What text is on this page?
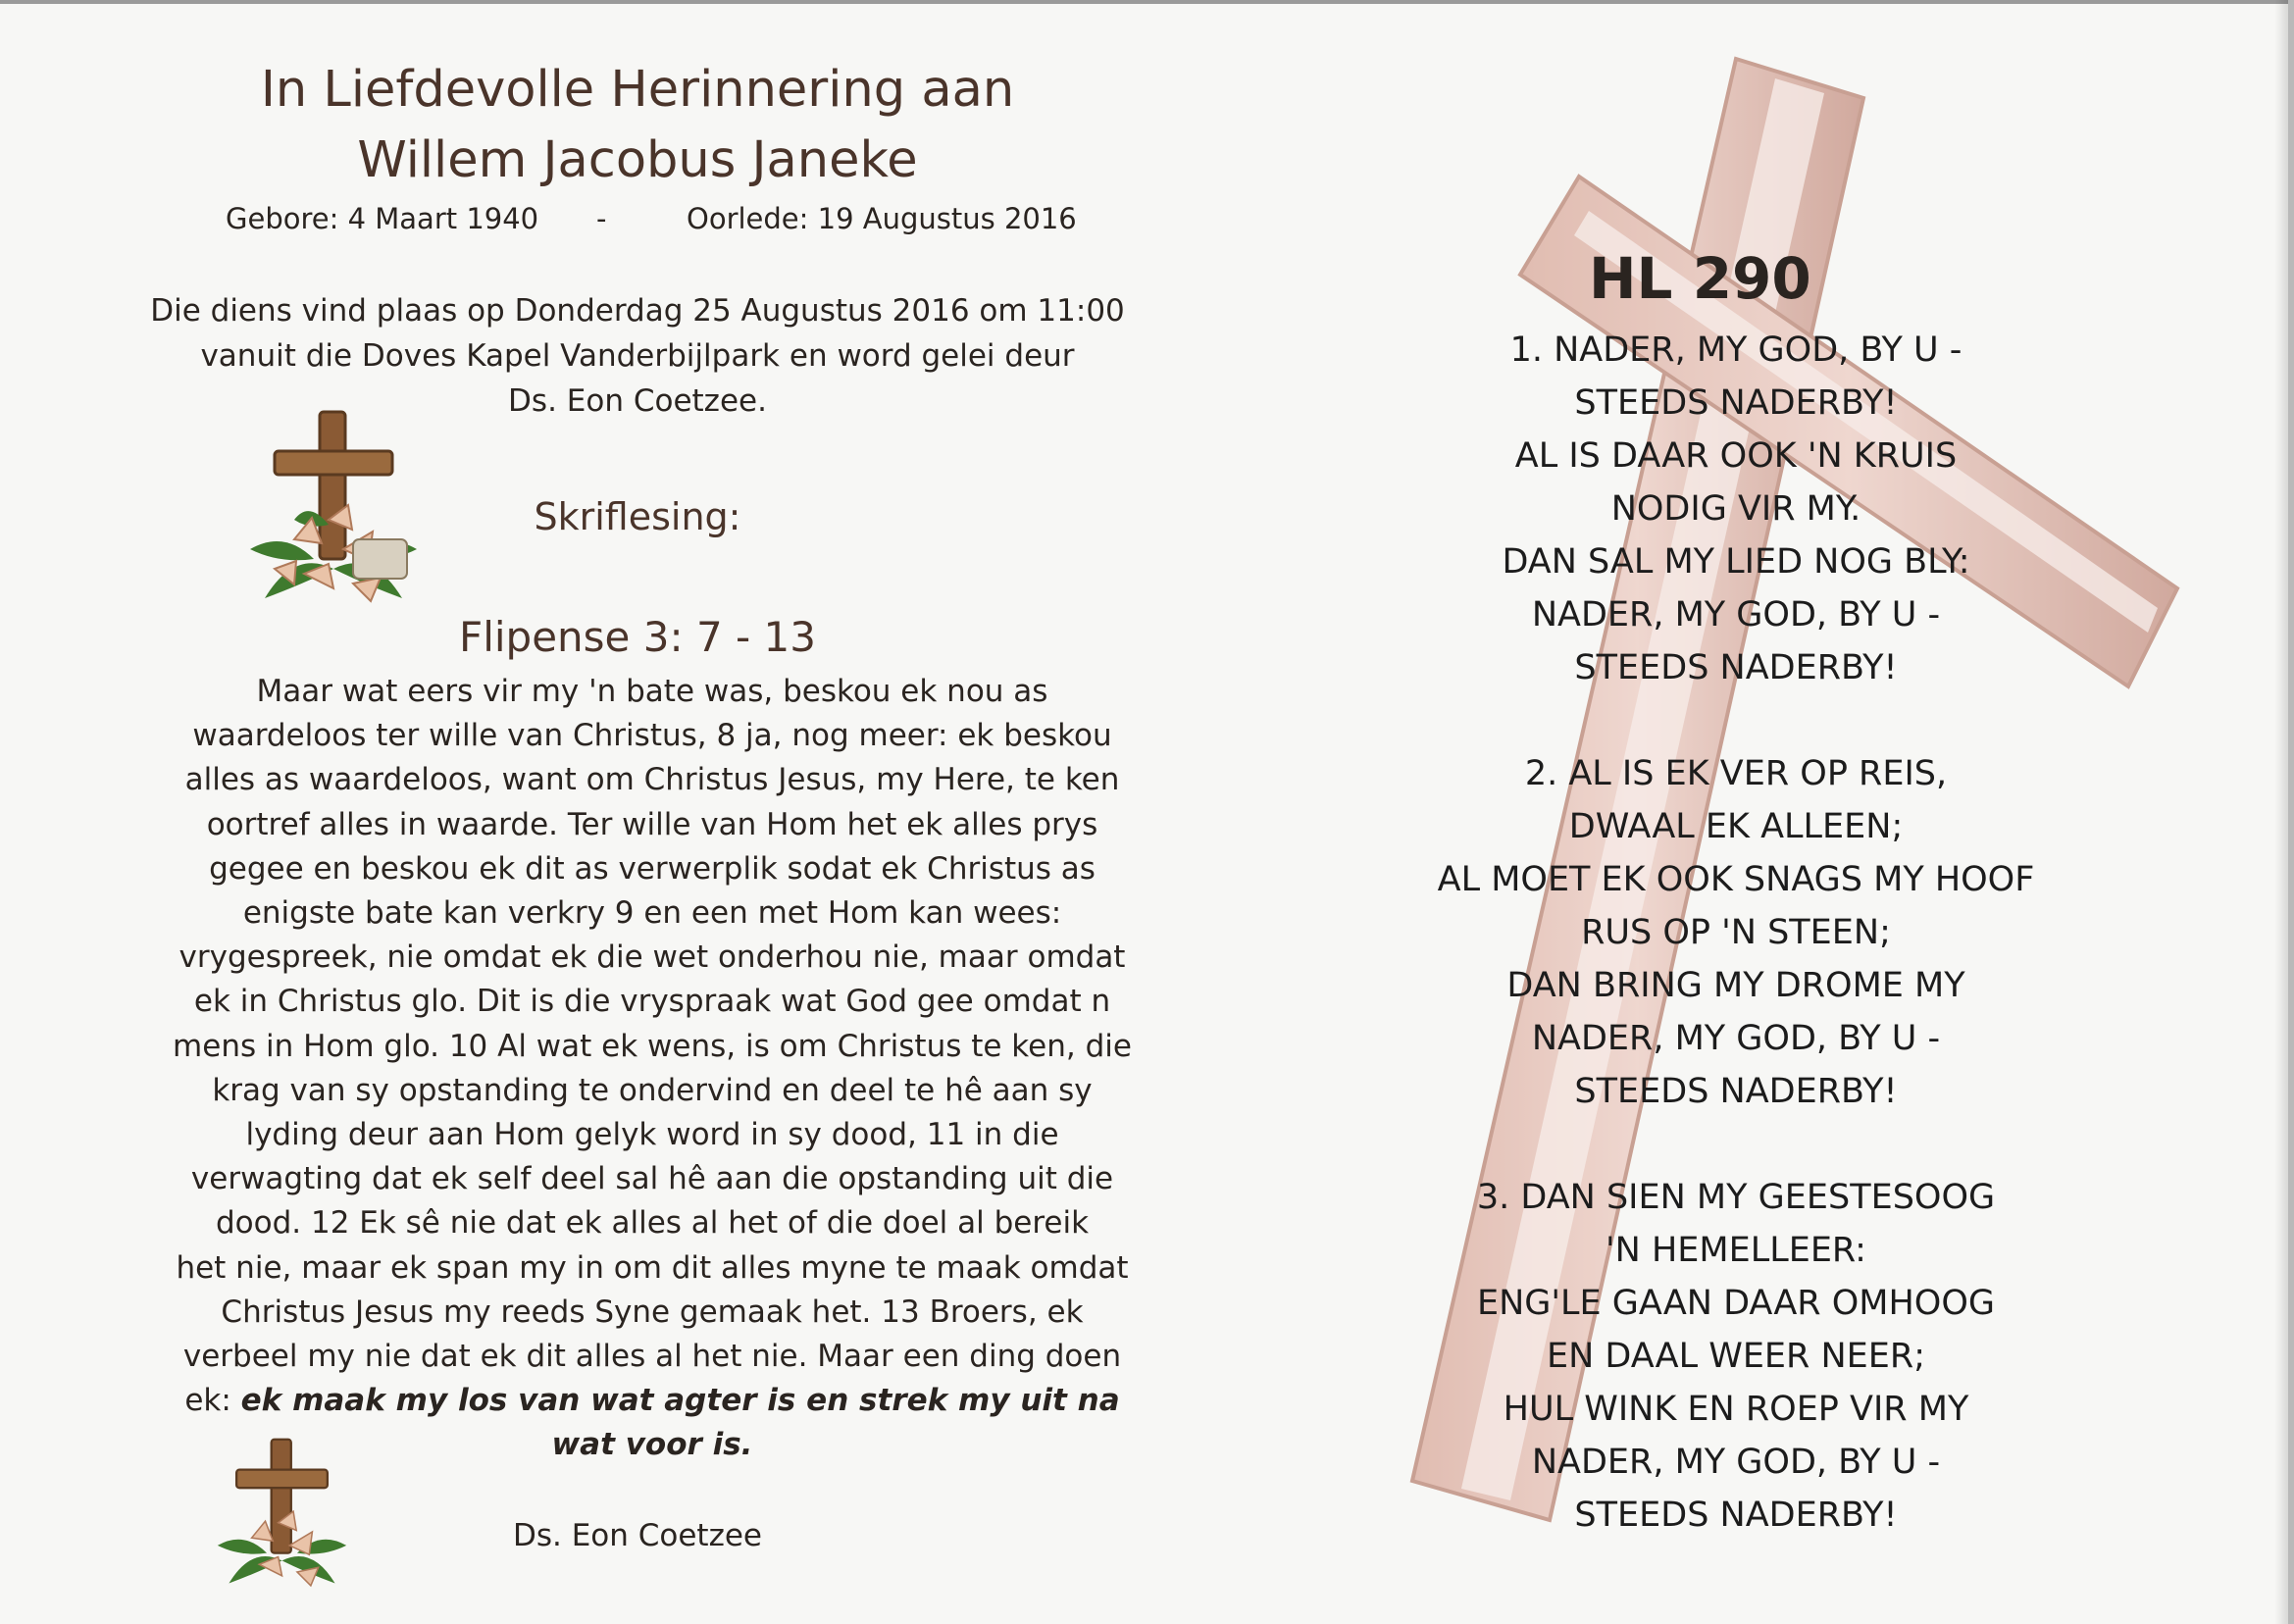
In Liefdevolle Herinnering aan
Willem Jacobus Janeke
Gebore: 4 Maart 1940 -	Oorlede: 19 Augustus 2016
Die diens vind plaas op Donderdag 25 Augustus 2016 om 11:00
vanuit die Doves Kapel Vanderbijlpark en word gelei deur
Ds. Eon Coetzee.
Skriflesing:
Flipense 3: 7 - 13
Maar wat eers vir my 'n bate was, beskou ek nou as
waardeloos ter wille van Christus, 8 ja, nog meer: ek beskou
alles as waardeloos, want om Christus Jesus, my Here, te ken
oortref alles in waarde. Ter wille van Hom het ek alles prys
gegee en beskou ek dit as verwerplik sodat ek Christus as
enigste bate kan verkry 9 en een met Hom kan wees:
vrygespreek, nie omdat ek die wet onderhou nie, maar omdat
ek in Christus glo. Dit is die vryspraak wat God gee omdat n
mens in Hom glo. 10 Al wat ek wens, is om Christus te ken, die
krag van sy opstanding te ondervind en deel te hê aan sy
lyding deur aan Hom gelyk word in sy dood, 11 in die
verwagting dat ek self deel sal hê aan die opstanding uit die
dood. 12 Ek sê nie dat ek alles al het of die doel al bereik
het nie, maar ek span my in om dit alles myne te maak omdat
Christus Jesus my reeds Syne gemaak het. 13 Broers, ek
verbeel my nie dat ek dit alles al het nie. Maar een ding doen
ek: ek maak my los van wat agter is en strek my uit na
wat voor is.
Ds. Eon Coetzee
HL 290
1. NADER, MY GOD, BY U -
STEEDS NADERBY!
AL IS DAAR OOK 'N KRUIS
NODIG VIR MY.
DAN SAL MY LIED NOG BLY:
NADER, MY GOD, BY U -
STEEDS NADERBY!
2. AL IS EK VER OP REIS,
DWAAL EK ALLEEN;
AL MOET EK OOK SNAGS MY HOOF
RUS OP 'N STEEN;
DAN BRING MY DROME MY
NADER, MY GOD, BY U -
STEEDS NADERBY!
3. DAN SIEN MY GEESTESOOG
'N HEMELLEER:
ENG'LE GAAN DAAR OMHOOG
EN DAAL WEER NEER;
HUL WINK EN ROEP VIR MY
NADER, MY GOD, BY U -
STEEDS NADERBY!
